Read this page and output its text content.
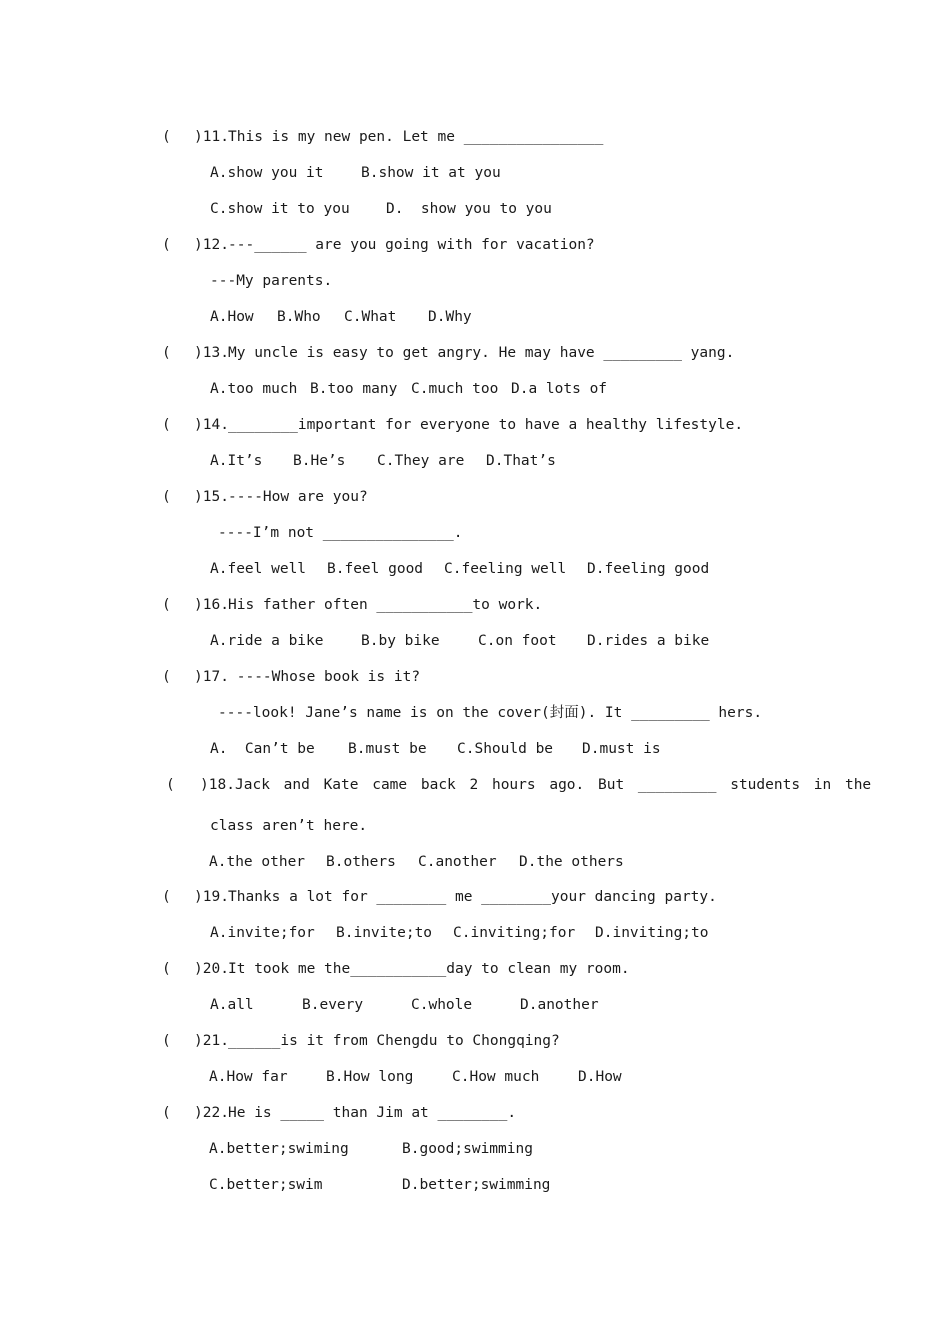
( )11. This is my new pen. Let me ________________
A.show you it	B.show it at you
C.show it to you	D.  show you to you
( )12. ---______ are you going with for vacation?
---My parents.
A.How B.Who C.What D.Why
( )13. My uncle is easy to get angry. He may have _________ yang.
A.too much B.too many C.much too D.a lots of
( )14. ________important for everyone to have a healthy lifestyle.
A.It’s B.He’s C.They are D.That’s
( )15. ----How are you?
----I’m not _______________.
A.feel well B.feel good C.feeling well D.feeling good
( )16. His father often ___________to work.
A.ride a bike	B.by bike	C.on foot D.rides a bike
( )17. ----Whose book is it?
----look! Jane’s name is on the cover(封面). It _________ hers.
A.  Can’t be B.must be C.Should be D.must is
( )18. Jack and Kate came back 2 hours ago. But _________ students in the
class aren’t here.
A.the other B.others C.another D.the others
( )19. Thanks a lot for ________ me ________your dancing party.
A.invite;for B.invite;to C.inviting;for D.inviting;to
( )20. It took me the___________day to clean my room.
A.all	B.every	C.whole	D.another
( )21. ______is it from Chengdu to Chongqing?
A.How far	B.How long	C.How much	D.How
( )22. He is _____ than Jim at ________.
A.better;swiming	B.good;swimming
C.better;swim	D.better;swimming
